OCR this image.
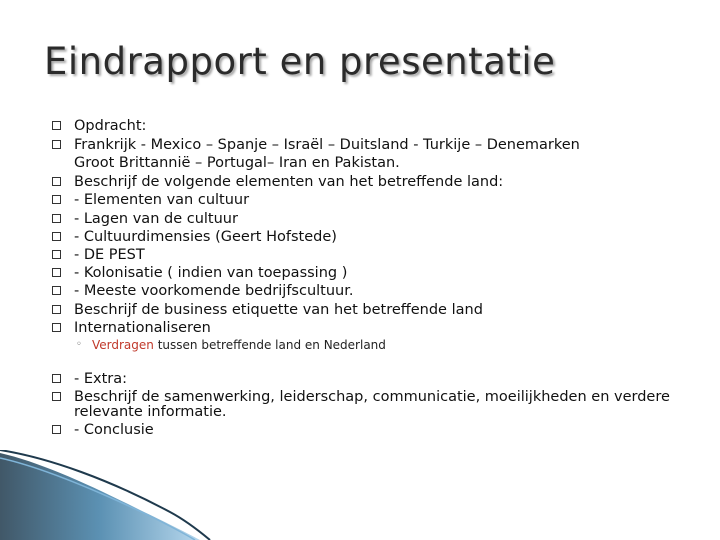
Eindrapport en presentatie
Opdracht:
Frankrijk - Mexico – Spanje – Israël – Duitsland - Turkije – Denemarken
Groot Brittannië – Portugal– Iran en Pakistan.
Beschrijf de volgende elementen van het betreffende land:
- Elementen van cultuur
- Lagen van de cultuur
- Cultuurdimensies (Geert Hofstede)
- DE PEST
- Kolonisatie ( indien van toepassing )
- Meeste voorkomende bedrijfscultuur.
Beschrijf de business etiquette van het betreffende land
Internationaliseren
◦ Verdragen tussen betreffende land en Nederland
- Extra:
Beschrijf de samenwerking, leiderschap, communicatie, moeilijkheden en verdere
relevante informatie.
- Conclusie
